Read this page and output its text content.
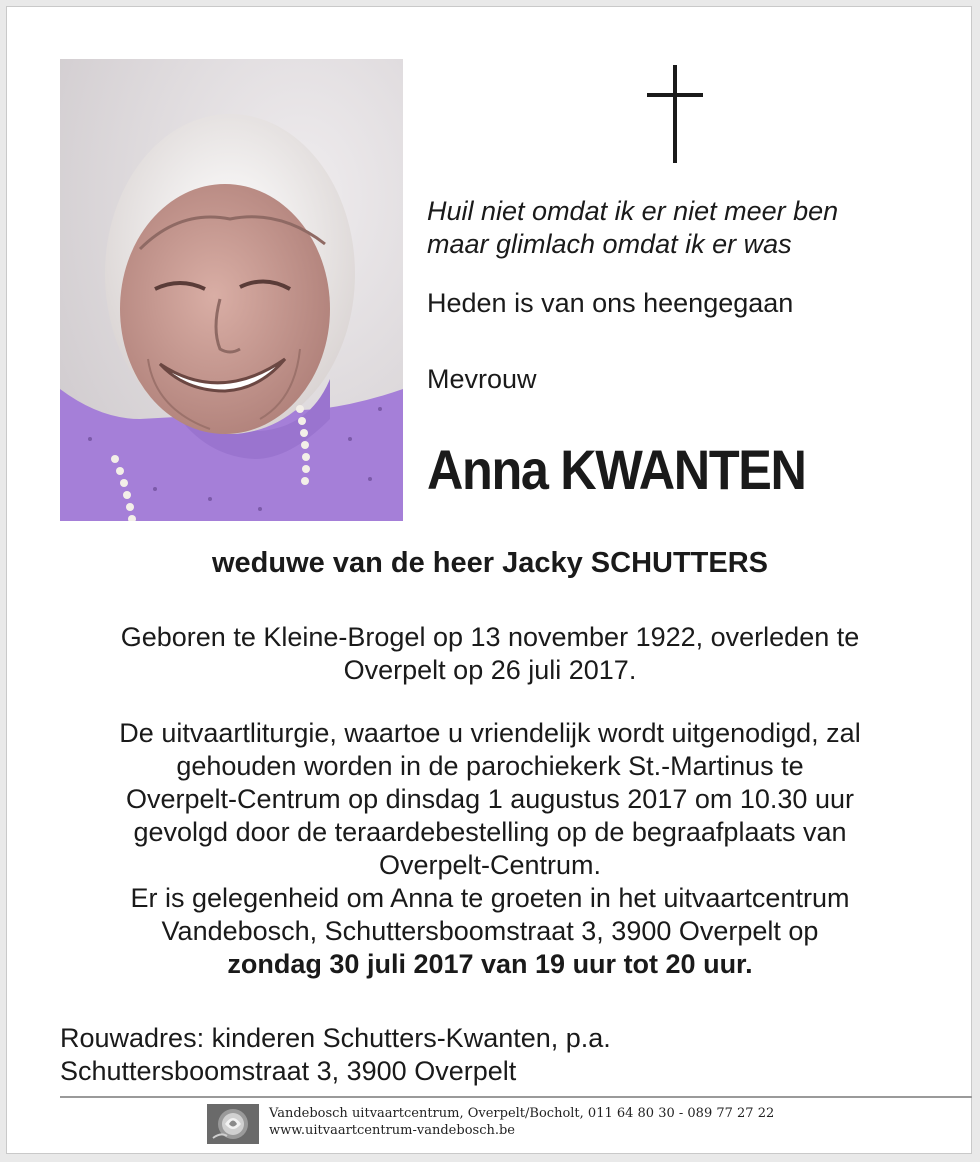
Huil niet omdat ik er niet meer ben
maar glimlach omdat ik er was
Heden is van ons heengegaan
Mevrouw
Anna KWANTEN
weduwe van de heer Jacky SCHUTTERS
Geboren te Kleine-Brogel op 13 november 1922, overleden te
Overpelt op 26 juli 2017.
De uitvaartliturgie, waartoe u vriendelijk wordt uitgenodigd, zal
gehouden worden in de parochiekerk St.-Martinus te
Overpelt-Centrum op dinsdag 1 augustus 2017 om 10.30 uur
gevolgd door de teraardebestelling op de begraafplaats van
Overpelt-Centrum.
Er is gelegenheid om Anna te groeten in het uitvaartcentrum
Vandebosch, Schuttersboomstraat 3, 3900 Overpelt op
zondag 30 juli 2017 van 19 uur tot 20 uur.
Rouwadres: kinderen Schutters-Kwanten, p.a.
Schuttersboomstraat 3, 3900 Overpelt
Vandebosch uitvaartcentrum, Overpelt/Bocholt, 011 64 80 30 - 089 77 27 22
www.uitvaartcentrum-vandebosch.be
